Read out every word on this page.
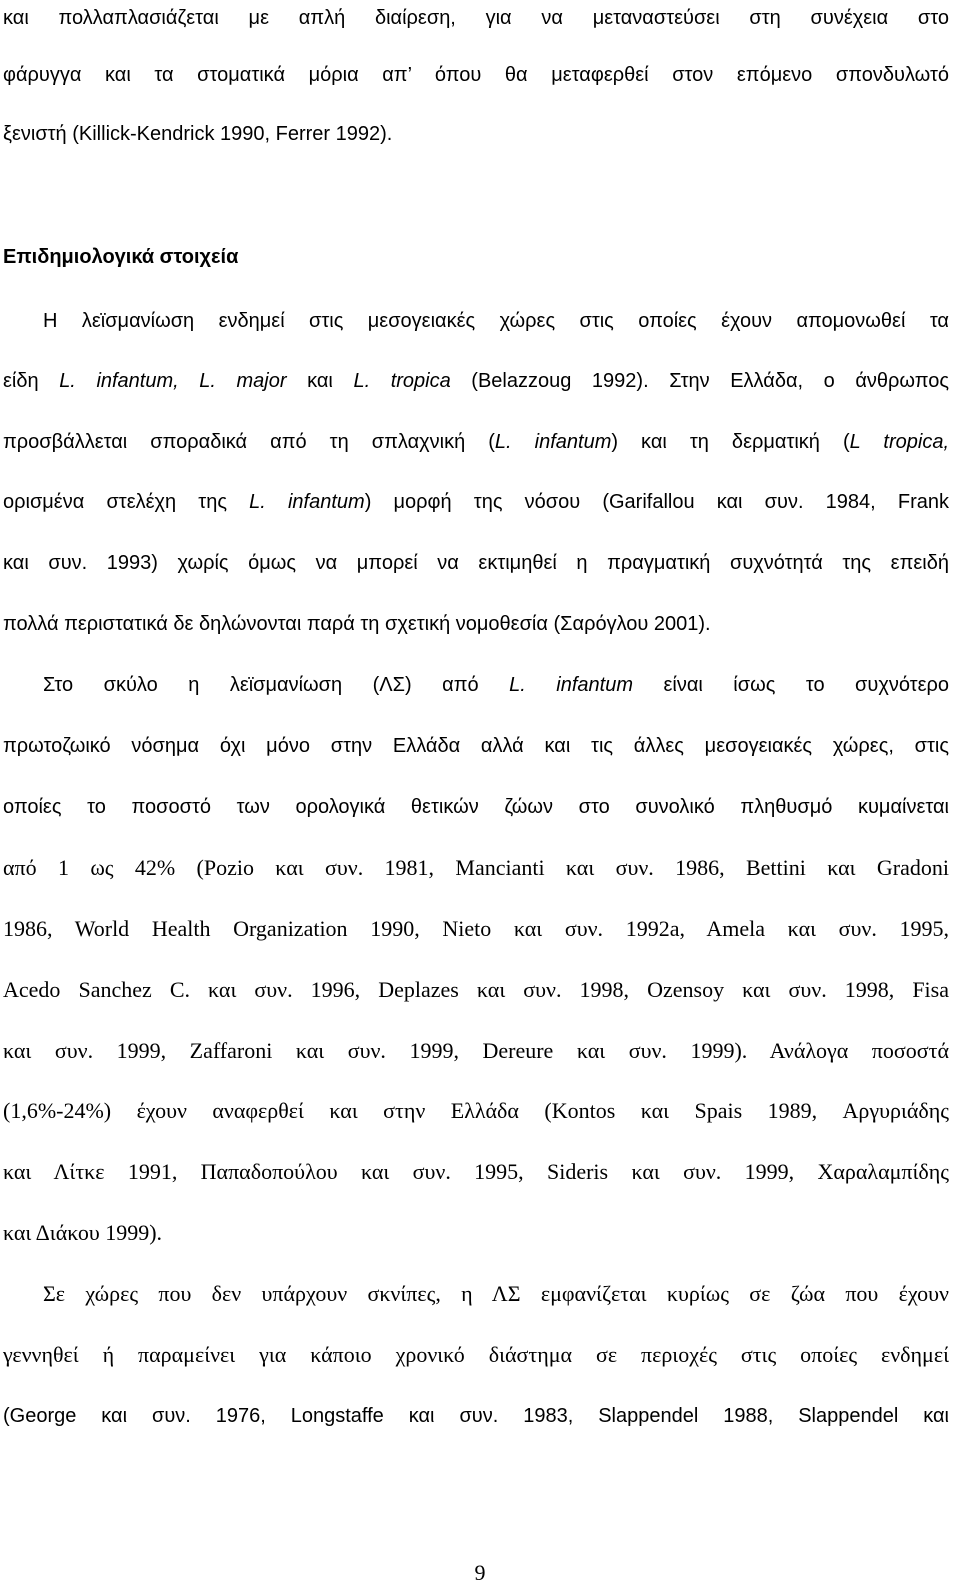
και πολλαπλασιάζεται με απλή διαίρεση, για να μεταναστεύσει στη συνέχεια στο
φάρυγγα και τα στοματικά μόρια απ’ όπου θα μεταφερθεί στον επόμενο σπονδυλωτό
ξενιστή (Killick-Kendrick 1990, Ferrer 1992).
Επιδημιολογικά στοιχεία
Η λεϊσμανίωση ενδημεί στις μεσογειακές χώρες στις οποίες έχουν απομονωθεί τα
είδη L. infantum, L. major και L. tropica (Belazzoug 1992). Στην Ελλάδα, ο άνθρωπος
προσβάλλεται σποραδικά από τη σπλαχνική (L. infantum) και τη δερματική (L tropica,
ορισμένα στελέχη της L. infantum) μορφή της νόσου (Garifallou και συν. 1984, Frank
και συν. 1993) χωρίς όμως να μπορεί να εκτιμηθεί η πραγματική συχνότητά της επειδή
πολλά περιστατικά δε δηλώνονται παρά τη σχετική νομοθεσία (Σαρόγλου 2001).
Στο σκύλο η λεϊσμανίωση (ΛΣ) από L. infantum είναι ίσως το συχνότερο
πρωτοζωικό νόσημα όχι μόνο στην Ελλάδα αλλά και τις άλλες μεσογειακές χώρες, στις
οποίες το ποσοστό των ορολογικά θετικών ζώων στο συνολικό πληθυσμό κυμαίνεται
από 1 ως 42% (Pozio και συν. 1981, Mancianti και συν. 1986, Bettini και Gradoni
1986, World Health Organization 1990, Nieto και συν. 1992a, Amela και συν. 1995,
Acedo Sanchez C. και συν. 1996, Deplazes και συν. 1998, Ozensoy και συν. 1998, Fisa
και συν. 1999, Zaffaroni και συν. 1999, Dereure και συν. 1999). Ανάλογα ποσοστά
(1,6%-24%) έχουν αναφερθεί και στην Ελλάδα (Kontos και Spais 1989, Αργυριάδης
και Λίτκε 1991, Παπαδοπούλου και συν. 1995, Sideris και συν. 1999, Χαραλαμπίδης
και Διάκου 1999).
Σε χώρες που δεν υπάρχουν σκνίπες, η ΛΣ εμφανίζεται κυρίως σε ζώα που έχουν
γεννηθεί ή παραμείνει για κάποιο χρονικό διάστημα σε περιοχές στις οποίες ενδημεί
(George και συν. 1976, Longstaffe και συν. 1983, Slappendel 1988, Slappendel και
9
